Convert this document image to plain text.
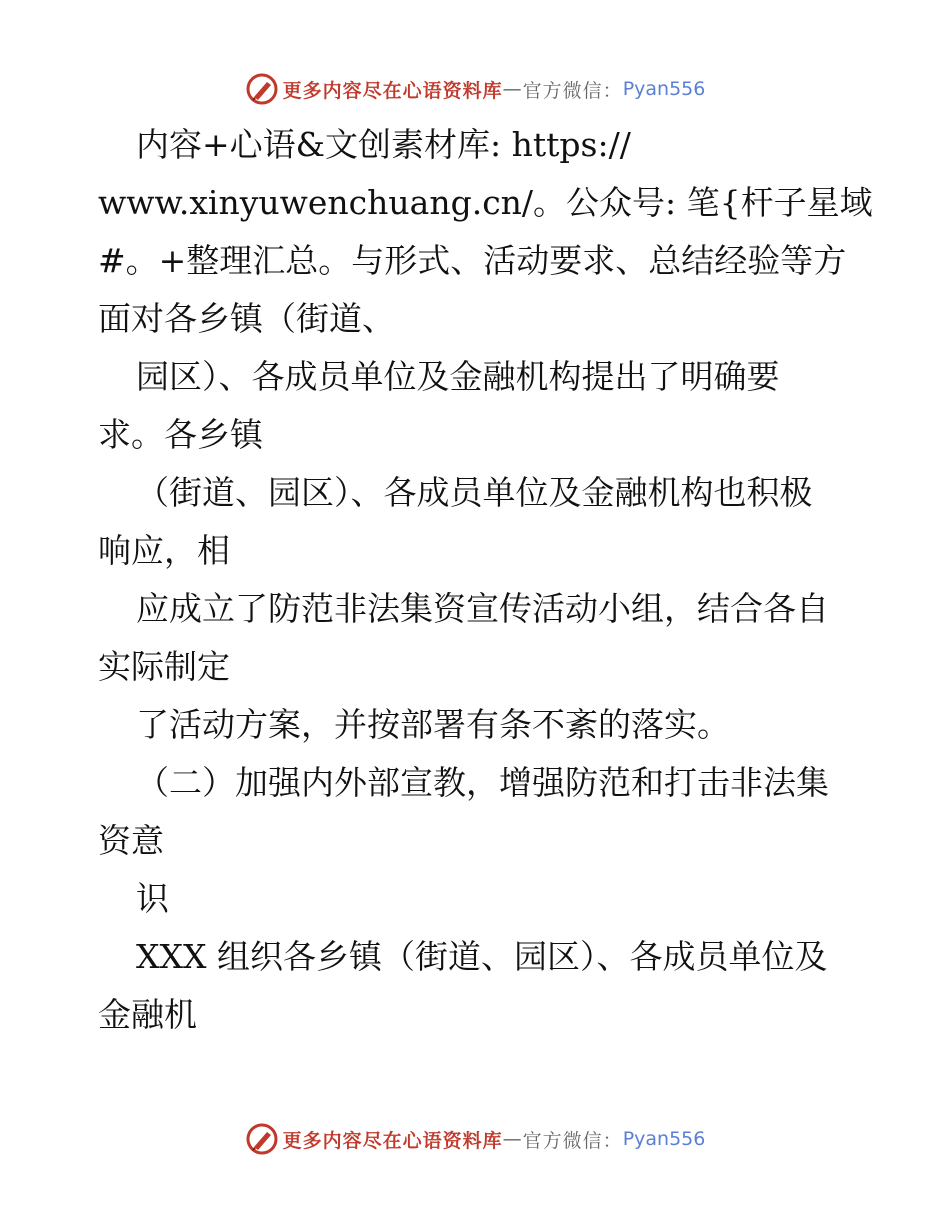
更多内容尽在心语资料库 — 官方微信： Pyan556
内容+心语&文创素材库: https://
www.xinyuwenchuang.cn/。公众号: 笔{杆子星域
#。+整理汇总。与形式、活动要求、总结经验等方
面对各乡镇（街道、
园区）、各成员单位及金融机构提出了明确要
求。各乡镇
（街道、园区）、各成员单位及金融机构也积极
响应，相
应成立了防范非法集资宣传活动小组，结合各自
实际制定
了活动方案，并按部署有条不紊的落实。
（二）加强内外部宣教，增强防范和打击非法集
资意
识
XXX 组织各乡镇（街道、园区）、各成员单位及
金融机
更多内容尽在心语资料库 — 官方微信： Pyan556
